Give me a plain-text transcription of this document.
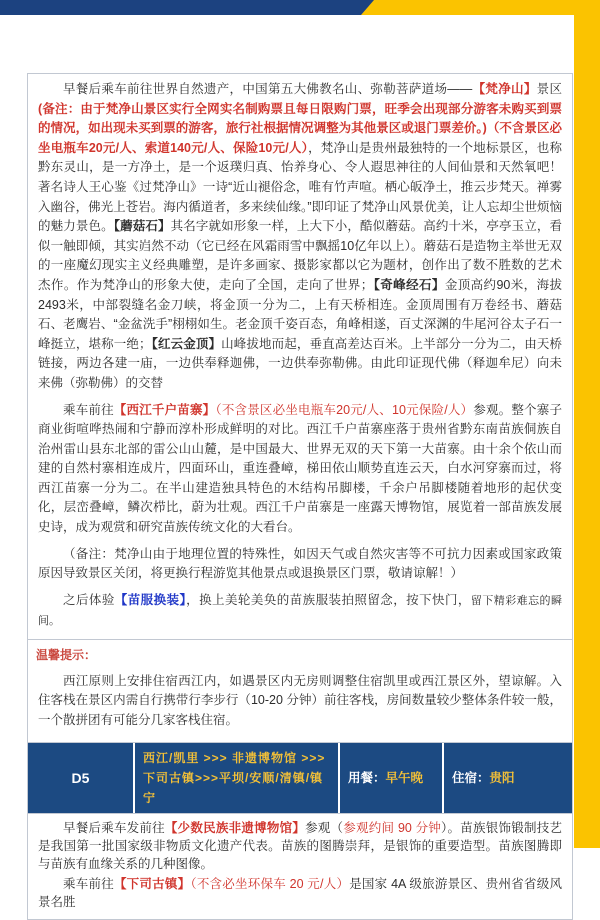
早餐后乘车前往世界自然遗产，中国第五大佛教名山、弥勒菩萨道场——【梵净山】景区(备注：由于梵净山景区实行全网实名制购票且每日限购门票，旺季会出现部分游客未购买到票的情况，如出现未买到票的游客，旅行社根据情况调整为其他景区或退门票差价。)（不含景区必坐电瓶车20元/人、索道140元/人、保险10元/人），梵净山是贵州最独特的一个地标景区，也称黔东灵山，是一方净土，是一个返璞归真、怡养身心、令人遐思神往的人间仙景和天然氧吧！著名诗人王心鉴《过梵净山》一诗“近山褪俗念，唯有竹声喧。栖心皈净土，推云步梵天。禅雾入幽谷，佛光上苍岩。海内循道者，多来续仙缘。”即印证了梵净山风景优美，让人忘却尘世烦恼的魅力景色。【蘑菇石】其名字就如形象一样，上大下小，酷似蘑菇。高约十米，亭亭玉立，看似一触即倾，其实岿然不动（它已经在风霜雨雪中飘摇10亿年以上）。蘑菇石是造物主举世无双的一座魔幻现实主义经典雕塑，是许多画家、摄影家都以它为题材，创作出了数不胜数的艺术杰作。作为梵净山的形象大使，走向了全国，走向了世界；【奇峰经石】金顶高约90米，海拔2493米，中部裂缝名金刀峡，将金顶一分为二，上有天桥相连。金顶周围有万卷经书、蘑菇石、老鹰岩、“金盆洗手”栩栩如生。老金顶千姿百态，角峰相遂，百丈深渊的牛尾河谷太子石一峰挺立，堪称一绝；【红云金顶】山峰拔地而起，垂直高差达百米。上半部分一分为二，由天桥链接，两边各建一庙，一边供奉释迦佛，一边供奉弥勒佛。由此印证现代佛（释迦牟尼）向未来佛（弥勒佛）的交替

乘车前往【西江千户苗寨】（不含景区必坐电瓶车20元/人、10元保险/人）参观。整个寨子商业街喧哗热闹和宁静而淳朴形成鲜明的对比。西江千户苗寨座落于贵州省黔东南苗族侗族自治州雷山县东北部的雷公山山麓，是中国最大、世界无双的天下第一大苗寨。由十余个依山而建的自然村寨相连成片，四面环山，重连叠嶂，梯田依山顺势直连云天，白水河穿寨而过，将西江苗寨一分为二。在半山建造独具特色的木结构吊脚楼，千余户吊脚楼随着地形的起伏变化，层峦叠嶂，鳞次栉比，蔚为壮观。西江千户苗寨是一座露天博物馆，展览着一部苗族发展史诗，成为观赏和研究苗族传统文化的大看台。

（备注：梵净山由于地理位置的特殊性，如因天气或自然灾害等不可抗力因素或国家政策原因导致景区关闭，将更换行程游览其他景点或退换景区门票，敬请谅解！）

之后体验【苗服换装】，换上美轮美奂的苗族服装拍照留念，按下快门，留下精彩难忘的瞬间。

温馨提示：
西江原则上安排住宿西江内，如遇景区内无房则调整住宿凯里或西江景区外，望谅解。入住客栈在景区内需自行携带行李步行（10-20 分钟）前往客栈，房间数量较少整体条件较一般，一个散拼团有可能分几家客栈住宿。
D5
西江/凯里 >>> 非遗博物馆 >>> 下司古镇>>>平坝/安顺/清镇/镇宁
用餐： 早午晚 住宿： 贵阳

早餐后乘车发前往【少数民族非遗博物馆】参观（参观约间 90 分钟）。苗族银饰锻制技艺是我国第一批国家级非物质文化遗产代表。苗族的图腾崇拜，是银饰的重要造型。苗族图腾即与苗族有血缘关系的几种图像。

乘车前往【下司古镇】（不含必坐环保车 20 元/人）是国家 4A 级旅游景区、贵州省省级风景名胜
